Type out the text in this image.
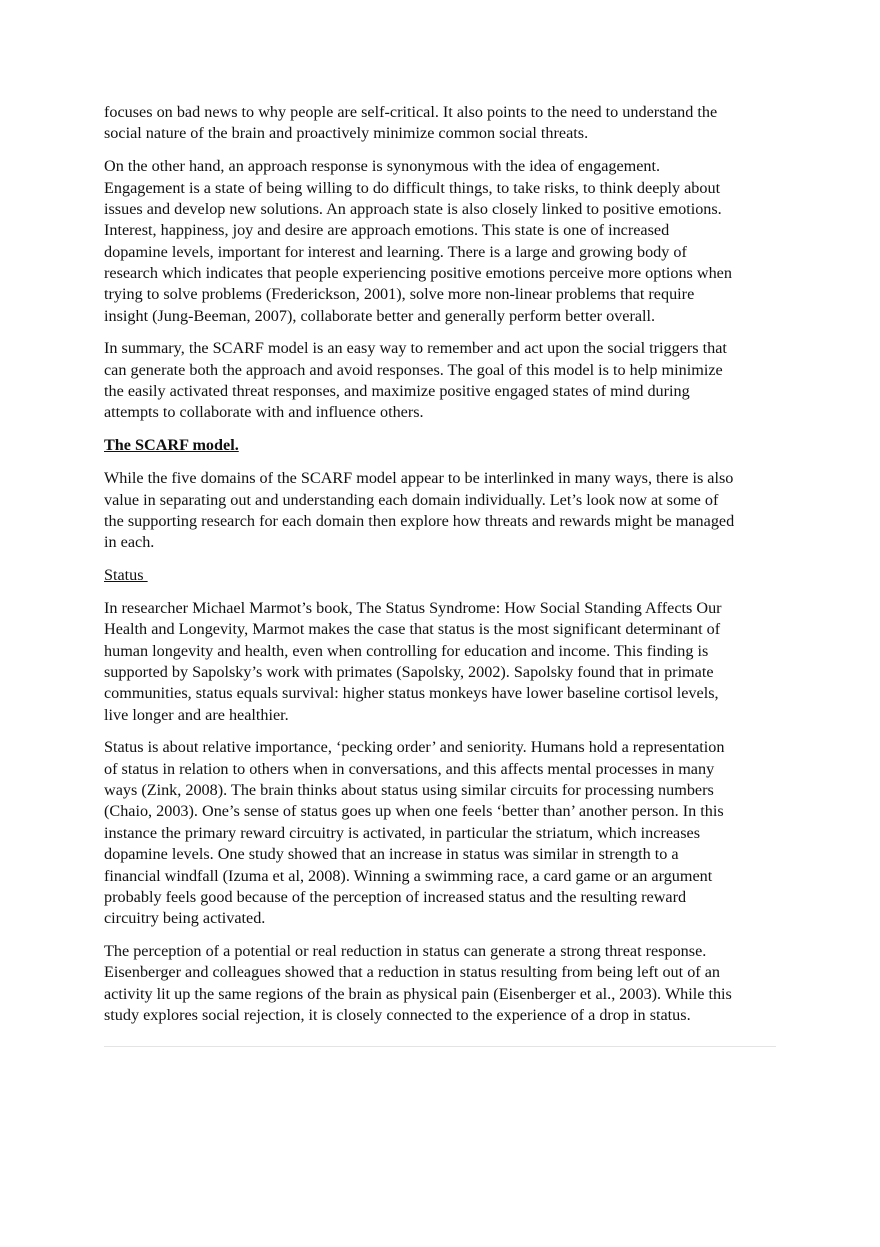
focuses on bad news to why people are self-critical. It also points to the need to understand the
social nature of the brain and proactively minimize common social threats.
On the other hand, an approach response is synonymous with the idea of engagement.
Engagement is a state of being willing to do difficult things, to take risks, to think deeply about
issues and develop new solutions. An approach state is also closely linked to positive emotions.
Interest, happiness, joy and desire are approach emotions. This state is one of increased
dopamine levels, important for interest and learning. There is a large and growing body of
research which indicates that people experiencing positive emotions perceive more options when
trying to solve problems (Frederickson, 2001), solve more non-linear problems that require
insight (Jung-Beeman, 2007), collaborate better and generally perform better overall.
In summary, the SCARF model is an easy way to remember and act upon the social triggers that
can generate both the approach and avoid responses. The goal of this model is to help minimize
the easily activated threat responses, and maximize positive engaged states of mind during
attempts to collaborate with and influence others.
The SCARF model.
While the five domains of the SCARF model appear to be interlinked in many ways, there is also
value in separating out and understanding each domain individually. Let’s look now at some of
the supporting research for each domain then explore how threats and rewards might be managed
in each.
Status
In researcher Michael Marmot’s book, The Status Syndrome: How Social Standing Affects Our
Health and Longevity, Marmot makes the case that status is the most significant determinant of
human longevity and health, even when controlling for education and income. This finding is
supported by Sapolsky’s work with primates (Sapolsky, 2002). Sapolsky found that in primate
communities, status equals survival: higher status monkeys have lower baseline cortisol levels,
live longer and are healthier.
Status is about relative importance, ‘pecking order’ and seniority. Humans hold a representation
of status in relation to others when in conversations, and this affects mental processes in many
ways (Zink, 2008). The brain thinks about status using similar circuits for processing numbers
(Chaio, 2003). One’s sense of status goes up when one feels ‘better than’ another person. In this
instance the primary reward circuitry is activated, in particular the striatum, which increases
dopamine levels. One study showed that an increase in status was similar in strength to a
financial windfall (Izuma et al, 2008). Winning a swimming race, a card game or an argument
probably feels good because of the perception of increased status and the resulting reward
circuitry being activated.
The perception of a potential or real reduction in status can generate a strong threat response.
Eisenberger and colleagues showed that a reduction in status resulting from being left out of an
activity lit up the same regions of the brain as physical pain (Eisenberger et al., 2003). While this
study explores social rejection, it is closely connected to the experience of a drop in status.
